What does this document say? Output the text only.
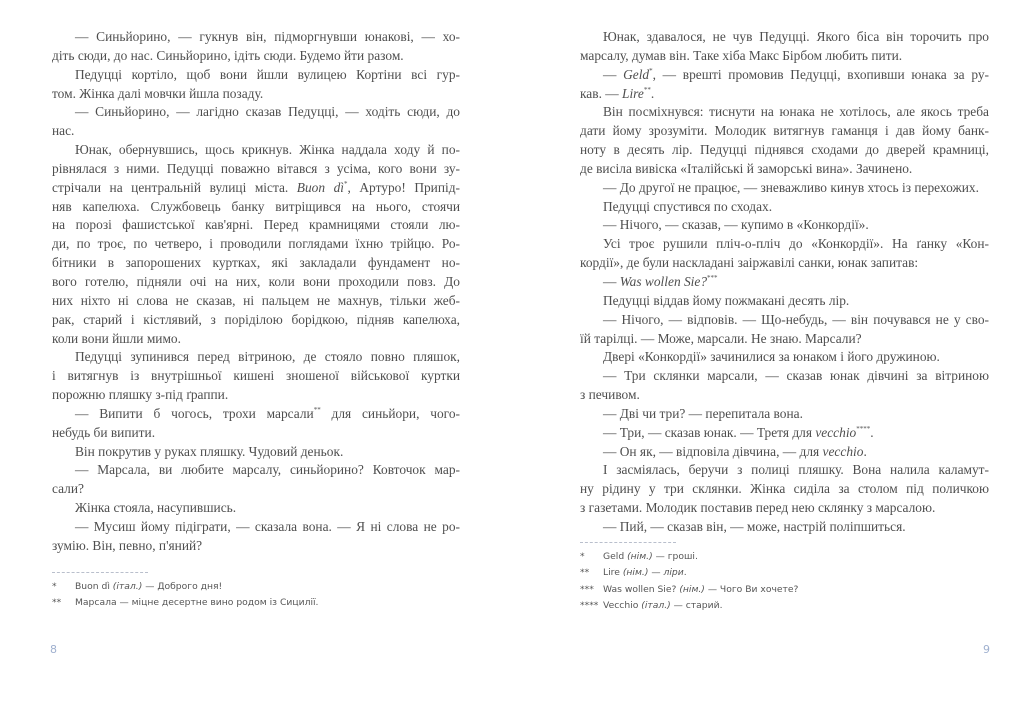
— Синьйорино, — гукнув він, підморгнувши юнакові, — хо-
діть сюди, до нас. Синьйорино, ідіть сюди. Будемо йти разом.
Педуцці кортіло, щоб вони йшли вулицею Кортіни всі гур-
том. Жінка далі мовчки йшла позаду.
— Синьйорино, — лагідно сказав Педуцці, — ходіть сюди, до
нас.
Юнак, обернувшись, щось крикнув. Жінка наддала ходу й по-
рівнялася з ними. Педуцці поважно вітався з усіма, кого вони зу-
стрічали на центральній вулиці міста. Buon dì*, Артуро! Припід-
няв капелюха. Службовець банку витріщився на нього, стоячи
на порозі фашистської кав'ярні. Перед крамницями стояли лю-
ди, по троє, по четверо, і проводили поглядами їхню трійцю. Ро-
бітники в запорошених куртках, які закладали фундамент но-
вого готелю, підняли очі на них, коли вони проходили повз. До
них ніхто ні слова не сказав, ні пальцем не махнув, тільки жеб-
рак, старий і кістлявий, з порідiлою борідкою, підняв капелюха,
коли вони йшли мимо.
Педуцці зупинився перед вітриною, де стояло повно пляшок,
і витягнув із внутрішньої кишені зношеної військової куртки
порожню пляшку з-під ґраппи.
— Випити б чогось, трохи марсали** для синьйори, чого-
небудь би випити.
Він покрутив у руках пляшку. Чудовий деньок.
— Марсала, ви любите марсалу, синьйорино? Ковточок мар-
сали?
Жінка стояла, насупившись.
— Мусиш йому підіграти, — сказала вона. — Я ні слова не ро-
зумію. Він, певно, п'яний?
* Buon dì (італ.) — Доброго дня!
** Марсала — міцне десертне вино родом із Сицилії.
8
Юнак, здавалося, не чув Педуцці. Якого біса він торочить про
марсалу, думав він. Таке хіба Макс Бірбом любить пити.
— Geld*, — врешті промовив Педуцці, вхопивши юнака за ру-
кав. — Lire**.
Він посміхнувся: тиснути на юнака не хотілось, але якось треба
дати йому зрозуміти. Молодик витягнув гаманця і дав йому банк-
ноту в десять лір. Педуцці піднявся сходами до дверей крамниці,
де висіла вивіска «Італійські й заморські вина». Зачинено.
— До другої не працює, — зневажливо кинув хтось із перехожих.
Педуцці спустився по сходах.
— Нічого, — сказав, — купимо в «Конкордії».
Усі троє рушили пліч-о-пліч до «Конкордії». На ґанку «Кон-
кордії», де були наскладані заіржавілі санки, юнак запитав:
— Was wollen Sie?***
Педуцці віддав йому пожмакані десять лір.
— Нічого, — відповів. — Що-небудь, — він почувався не у сво-
їй тарілці. — Може, марсали. Не знаю. Марсали?
Двері «Конкордії» зачинилися за юнаком і його дружиною.
— Три склянки марсали, — сказав юнак дівчині за вітриною
з печивом.
— Дві чи три? — перепитала вона.
— Три, — сказав юнак. — Третя для vecchio****.
— Он як, — відповіла дівчина, — для vecchio.
І засміялась, беручи з полиці пляшку. Вона налила каламут-
ну рідину у три склянки. Жінка сиділа за столом під поличкою
з газетами. Молодик поставив перед нею склянку з марсалою.
— Пий, — сказав він, — може, настрій поліпшиться.
* Geld (нім.) — гроші.
** Lire (нім.) — ліри.
*** Was wollen Sie? (нім.) — Чого Ви хочете?
**** Vecchio (італ.) — старий.
9
